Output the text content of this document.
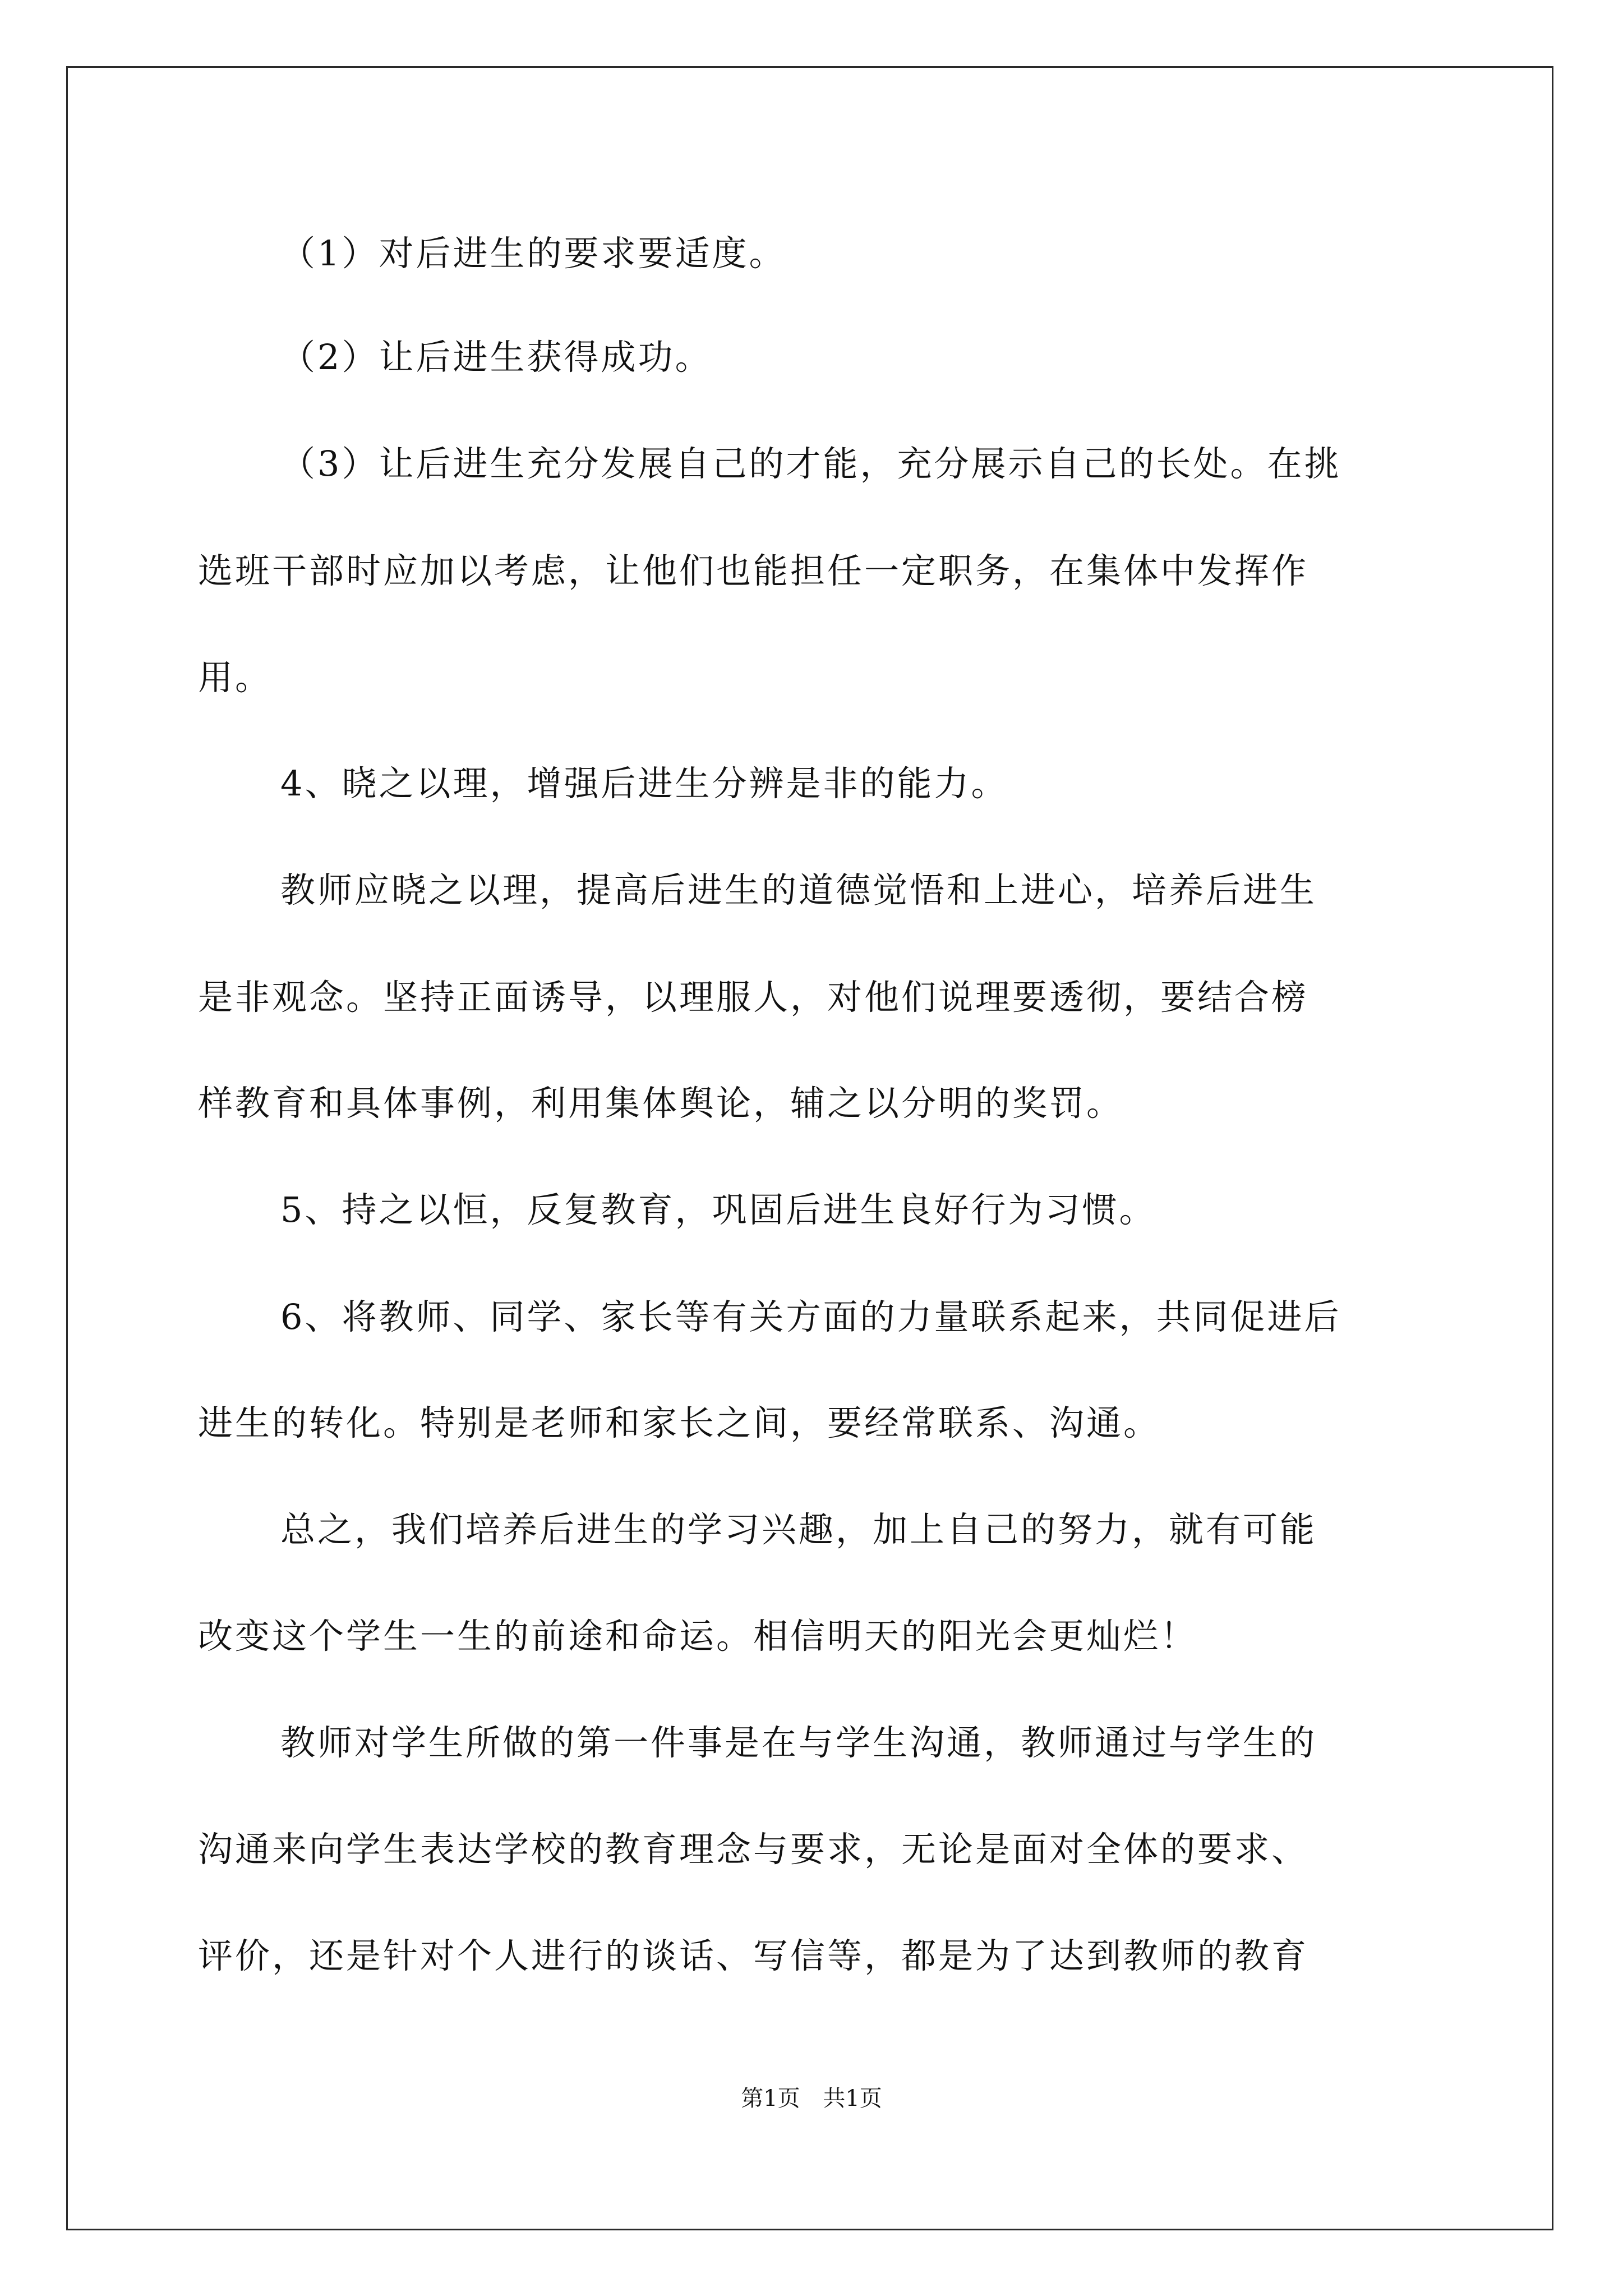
（1）对后进生的要求要适度。
（2）让后进生获得成功。
（3）让后进生充分发展自己的才能，充分展示自己的长处。在挑
选班干部时应加以考虑，让他们也能担任一定职务，在集体中发挥作
用。
4、晓之以理，增强后进生分辨是非的能力。
教师应晓之以理，提高后进生的道德觉悟和上进心，培养后进生
是非观念。坚持正面诱导，以理服人，对他们说理要透彻，要结合榜
样教育和具体事例，利用集体舆论，辅之以分明的奖罚。
5、持之以恒，反复教育，巩固后进生良好行为习惯。
6、将教师、同学、家长等有关方面的力量联系起来，共同促进后
进生的转化。特别是老师和家长之间，要经常联系、沟通。
总之，我们培养后进生的学习兴趣，加上自己的努力，就有可能
改变这个学生一生的前途和命运。相信明天的阳光会更灿烂！
教师对学生所做的第一件事是在与学生沟通，教师通过与学生的
沟通来向学生表达学校的教育理念与要求，无论是面对全体的要求、
评价，还是针对个人进行的谈话、写信等，都是为了达到教师的教育
第1页 共1页
